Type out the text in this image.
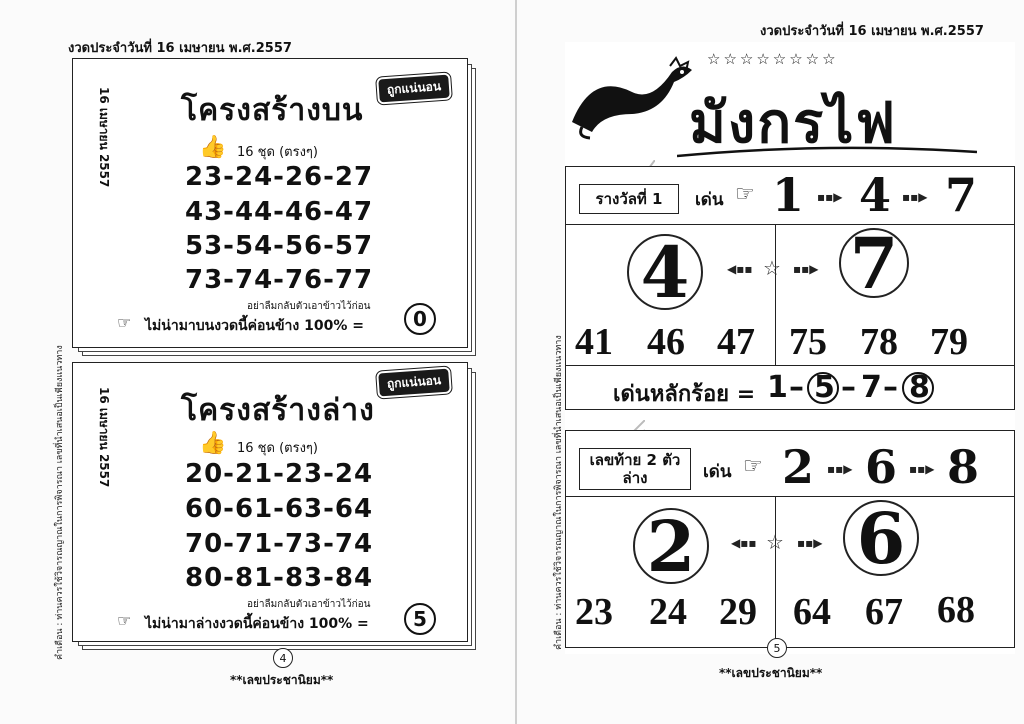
งวดประจำวันที่ 16 เมษายน พ.ศ.2557
คำเตือน : ท่านควรใช้วิจารณญาณในการพิจารณา เลขที่นำเสนอเป็นเพียงแนวทาง
ถูกแน่นอน
16 เมษายน 2557 โครงสร้างบน
👍 16 ชุด (ตรงๆ)
23-24-26-27
43-44-46-47
53-54-56-57
73-74-76-77
อย่าลืมกลับตัวเอาข้าวไว้ก่อน
☞ ไม่น่ามาบนงวดนี้ค่อนข้าง 100% =	0
ถูกแน่นอน
16 เมษายน 2557 โครงสร้างล่าง
👍 16 ชุด (ตรงๆ)
20-21-23-24
60-61-63-64
70-71-73-74
80-81-83-84
อย่าลืมกลับตัวเอาข้าวไว้ก่อน
☞ ไม่น่ามาล่างงวดนี้ค่อนข้าง 100% =	5
4
**เลขประชานิยม**
งวดประจำวันที่ 16 เมษายน พ.ศ.2557
คำเตือน : ท่านควรใช้วิจารณญาณในการพิจารณา เลขที่นำเสนอเป็นเพียงแนวทาง
☆☆☆☆☆☆☆☆
มังกรไฟ
รางวัลที่ 1	เด่น ☞ 1 ▪▪▶ 4 ▪▪▶ 7
4	◀▪▪ ☆ ▪▪▶ 7
41 46 47 75 78 79
เด่นหลักร้อย = 1 – 5 – 7 – 8
เลขท้าย 2 ตัว
ล่าง	เด่น ☞ 2 ▪▪▶ 6 ▪▪▶ 8
2	◀▪▪ ☆ ▪▪▶ 6
23 24 29 64 67 68
5
**เลขประชานิยม**
